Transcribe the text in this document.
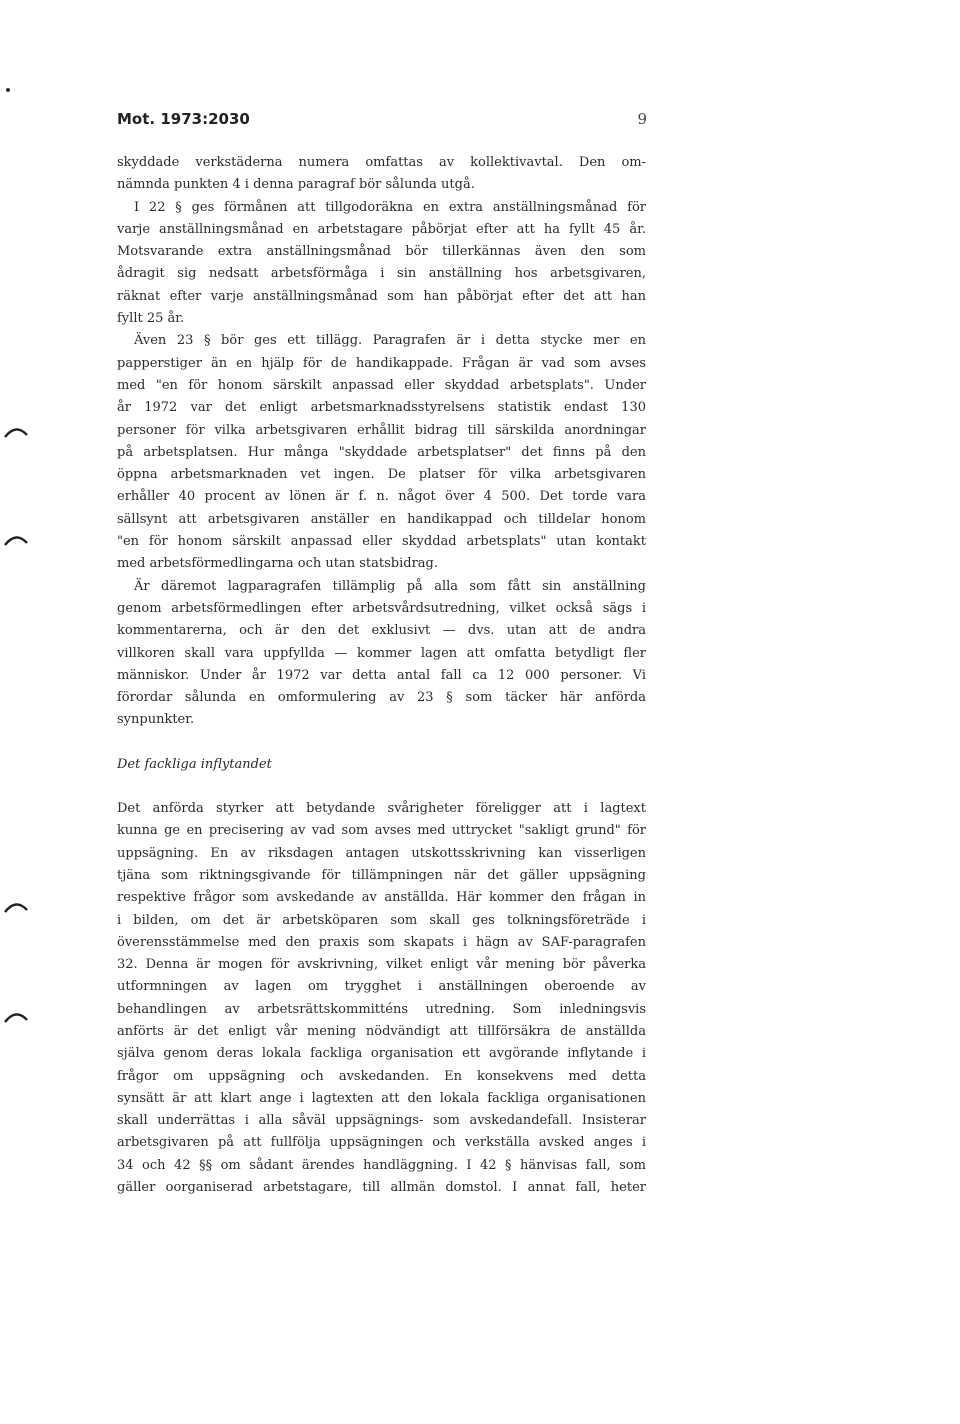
Mot. 1973:2030	9
skyddade verkstäderna numera omfattas av kollektivavtal. Den om-
nämnda punkten 4 i denna paragraf bör sålunda utgå.
I 22 § ges förmånen att tillgodoräkna en extra anställningsmånad för
varje anställningsmånad en arbetstagare påbörjat efter att ha fyllt 45 år.
Motsvarande extra anställningsmånad bör tillerkännas även den som
ådragit sig nedsatt arbetsförmåga i sin anställning hos arbetsgivaren,
räknat efter varje anställningsmånad som han påbörjat efter det att han
fyllt 25 år.
Även 23 § bör ges ett tillägg. Paragrafen är i detta stycke mer en
papperstiger än en hjälp för de handikappade. Frågan är vad som avses
med "en för honom särskilt anpassad eller skyddad arbetsplats". Under
år 1972 var det enligt arbetsmarknadsstyrelsens statistik endast 130
personer för vilka arbetsgivaren erhållit bidrag till särskilda anordningar
på arbetsplatsen. Hur många "skyddade arbetsplatser" det finns på den
öppna arbetsmarknaden vet ingen. De platser för vilka arbetsgivaren
erhåller 40 procent av lönen är f. n. något över 4 500. Det torde vara
sällsynt att arbetsgivaren anställer en handikappad och tilldelar honom
"en för honom särskilt anpassad eller skyddad arbetsplats" utan kontakt
med arbetsförmedlingarna och utan statsbidrag.
Är däremot lagparagrafen tillämplig på alla som fått sin anställning
genom arbetsförmedlingen efter arbetsvårdsutredning, vilket också sägs i
kommentarerna, och är den det exklusivt — dvs. utan att de andra
villkoren skall vara uppfyllda — kommer lagen att omfatta betydligt fler
människor. Under år 1972 var detta antal fall ca 12 000 personer. Vi
förordar sålunda en omformulering av 23 § som täcker här anförda
synpunkter.
Det fackliga inflytandet
Det anförda styrker att betydande svårigheter föreligger att i lagtext
kunna ge en precisering av vad som avses med uttrycket "sakligt grund" för
uppsägning. En av riksdagen antagen utskottsskrivning kan visserligen
tjäna som riktningsgivande för tillämpningen när det gäller uppsägning
respektive frågor som avskedande av anställda. Här kommer den frågan in
i bilden, om det är arbetsköparen som skall ges tolkningsföreträde i
överensstämmelse med den praxis som skapats i hägn av SAF-paragrafen
32. Denna är mogen för avskrivning, vilket enligt vår mening bör påverka
utformningen av lagen om trygghet i anställningen oberoende av
behandlingen av arbetsrättskommitténs utredning. Som inledningsvis
anförts är det enligt vår mening nödvändigt att tillförsäkra de anställda
själva genom deras lokala fackliga organisation ett avgörande inflytande i
frågor om uppsägning och avskedanden. En konsekvens med detta
synsätt är att klart ange i lagtexten att den lokala fackliga organisationen
skall underrättas i alla såväl uppsägnings- som avskedandefall. Insisterar
arbetsgivaren på att fullfölja uppsägningen och verkställa avsked anges i
34 och 42 §§ om sådant ärendes handläggning. I 42 § hänvisas fall, som
gäller oorganiserad arbetstagare, till allmän domstol. I annat fall, heter
